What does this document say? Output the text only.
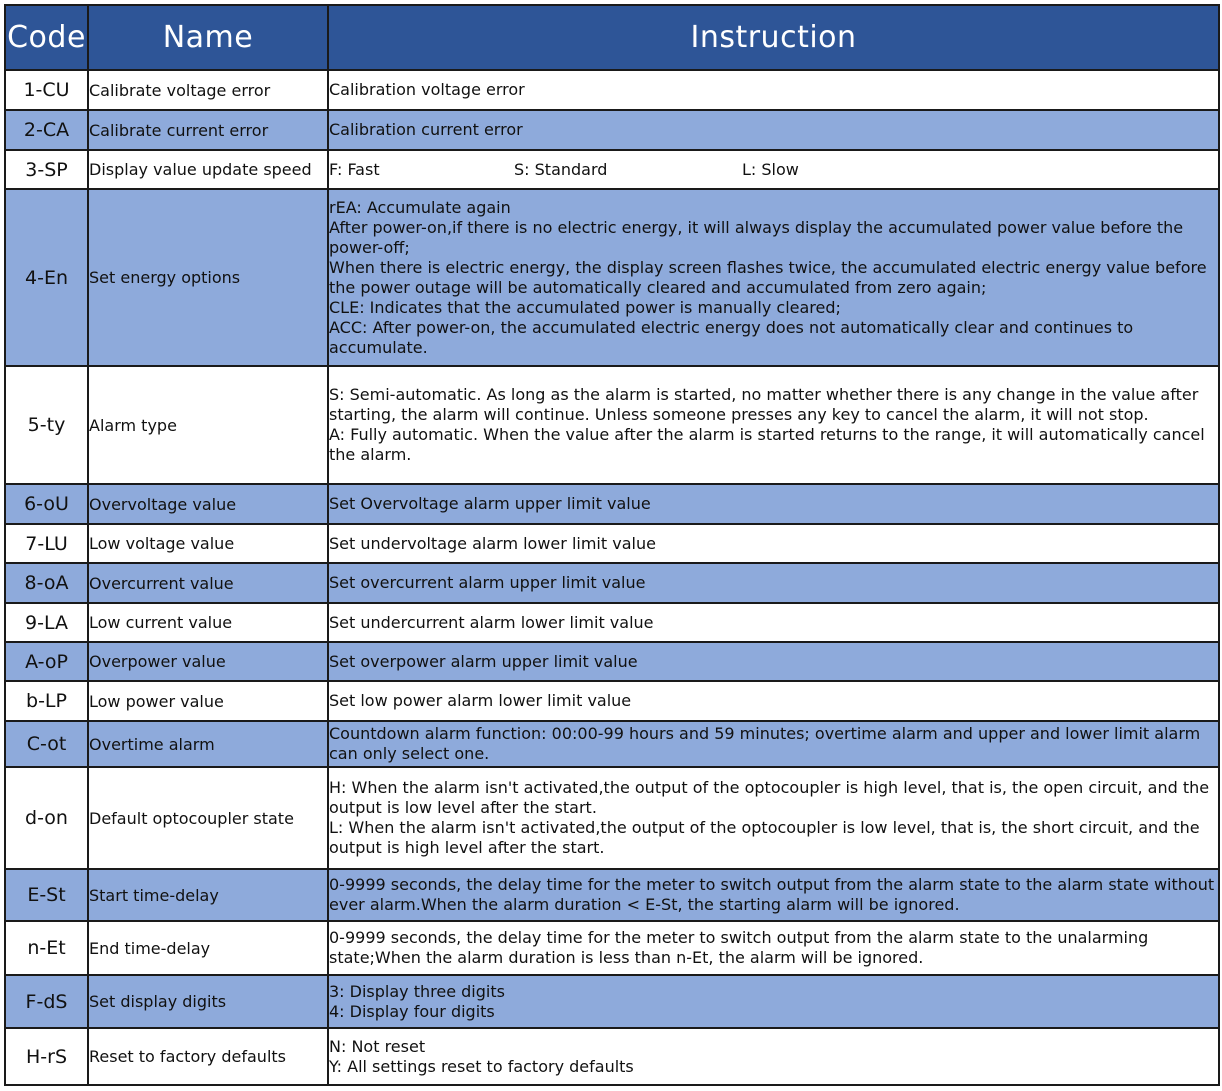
Code	Name	Instruction
1-CU	Calibrate voltage error	Calibration voltage error

2-CA	Calibrate current error	Calibration current error

3-SP	Display value update speed	F: Fast S: Standard L: Slow
4-En	Set energy options	rEA: Accumulate again
After power-on,if there is no electric energy, it will always display the accumulated power value before the power-off;
When there is electric energy, the display screen flashes twice, the accumulated electric energy value before the power outage will be automatically cleared and accumulated from zero again;
CLE: Indicates that the accumulated power is manually cleared;
ACC: After power-on, the accumulated electric energy does not automatically clear and continues to accumulate.

5-ty	Alarm type	S: Semi-automatic. As long as the alarm is started, no matter whether there is any change in the value after starting, the alarm will continue. Unless someone presses any key to cancel the alarm, it will not stop.
A: Fully automatic. When the value after the alarm is started returns to the range, it will automatically cancel the alarm.

6-oU	Overvoltage value	Set Overvoltage alarm upper limit value

7-LU	Low voltage value	Set undervoltage alarm lower limit value

8-oA	Overcurrent value	Set overcurrent alarm upper limit value

9-LA	Low current value	Set undercurrent alarm lower limit value

A-oP	Overpower value	Set overpower alarm upper limit value

b-LP	Low power value	Set low power alarm lower limit value

C-ot	Overtime alarm	Countdown alarm function: 00:00-99 hours and 59 minutes; overtime alarm and upper and lower limit alarm can only select one.

d-on	Default optocoupler state	H: When the alarm isn't activated,the output of the optocoupler is high level, that is, the open circuit, and the output is low level after the start.
L: When the alarm isn't activated,the output of the optocoupler is low level, that is, the short circuit, and the output is high level after the start.

E-St	Start time-delay	0-9999 seconds, the delay time for the meter to switch output from the alarm state to the alarm state without ever alarm.When the alarm duration < E-St, the starting alarm will be ignored.

n-Et	End time-delay	0-9999 seconds, the delay time for the meter to switch output from the alarm state to the unalarming state;When the alarm duration is less than n-Et, the alarm will be ignored.

F-dS	Set display digits	3: Display three digits
4: Display four digits

H-rS	Reset to factory defaults	N: Not reset
Y: All settings reset to factory defaults
